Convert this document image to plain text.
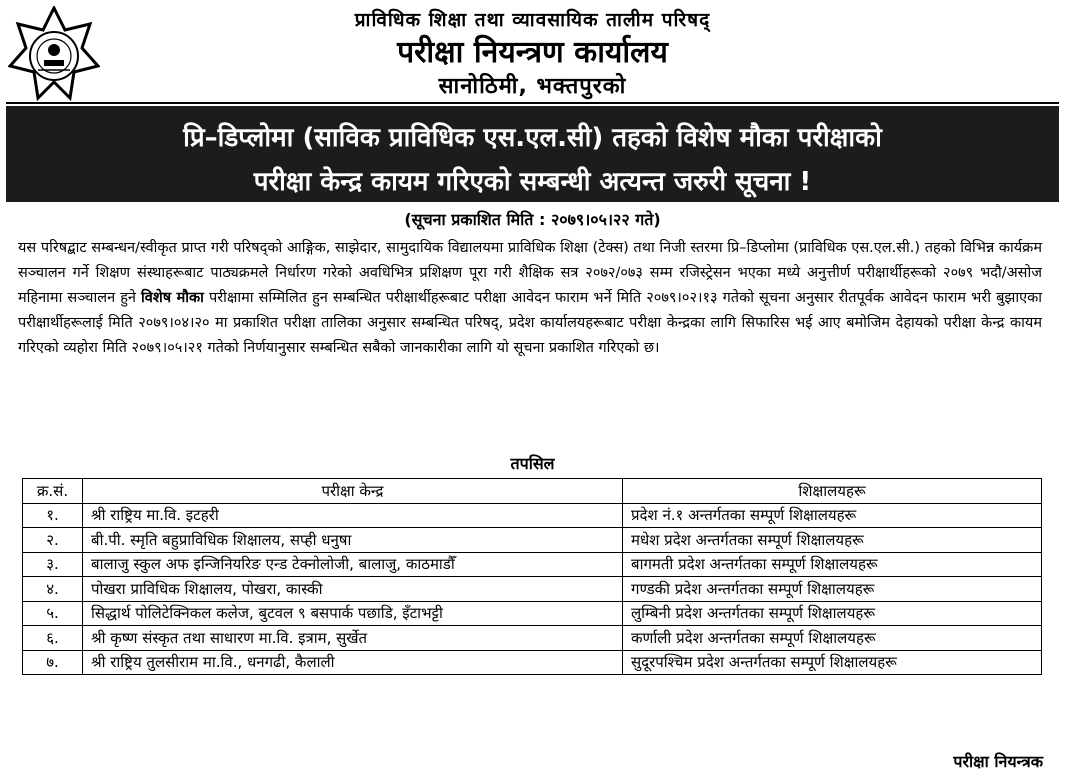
प्राविधिक शिक्षा तथा व्यावसायिक तालीम परिषद्
परीक्षा नियन्त्रण कार्यालय
सानोठिमी, भक्तपुरको
प्रि–डिप्लोमा (साविक प्राविधिक एस.एल.सी) तहको विशेष मौका परीक्षाको
परीक्षा केन्द्र कायम गरिएको सम्बन्धी अत्यन्त जरुरी सूचना !
(सूचना प्रकाशित मिति : २०७९।०५।२२ गते)
यस परिषद्बाट सम्बन्धन/स्वीकृत प्राप्त गरी परिषद्को आङ्गिक, साझेदार, सामुदायिक विद्यालयमा प्राविधिक शिक्षा (टेक्स) तथा निजी स्तरमा प्रि–डिप्लोमा (प्राविधिक एस.एल.सी.) तहको विभिन्न कार्यक्रम सञ्चालन गर्ने शिक्षण संस्थाहरूबाट पाठ्यक्रमले निर्धारण गरेको अवधिभित्र प्रशिक्षण पूरा गरी शैक्षिक सत्र २०७२/०७३ सम्म रजिस्ट्रेसन भएका मध्ये अनुत्तीर्ण परीक्षार्थीहरूको २०७९ भदौ/असोज महिनामा सञ्चालन हुने विशेष मौका परीक्षामा सम्मिलित हुन सम्बन्धित परीक्षार्थीहरूबाट परीक्षा आवेदन फाराम भर्ने मिति २०७९।०२।१३ गतेको सूचना अनुसार रीतपूर्वक आवेदन फाराम भरी बुझाएका परीक्षार्थीहरूलाई मिति २०७९।०४।२० मा प्रकाशित परीक्षा तालिका अनुसार सम्बन्धित परिषद्, प्रदेश कार्यालयहरूबाट परीक्षा केन्द्रका लागि सिफारिस भई आए बमोजिम देहायको परीक्षा केन्द्र कायम गरिएको व्यहोरा मिति २०७९।०५।२१ गतेको निर्णयानुसार सम्बन्धित सबैको जानकारीका लागि यो सूचना प्रकाशित गरिएको छ।
तपसिल
क्र.सं.	परीक्षा केन्द्र	शिक्षालयहरू
१.	श्री राष्ट्रिय मा.वि. इटहरी	प्रदेश नं.१ अन्तर्गतका सम्पूर्ण शिक्षालयहरू
२.	बी.पी. स्मृति बहुप्राविधिक शिक्षालय, सप्ही धनुषा	मधेश प्रदेश अन्तर्गतका सम्पूर्ण शिक्षालयहरू
३.	बालाजु स्कुल अफ इन्जिनियरिङ एन्ड टेक्नोलोजी, बालाजु, काठमाडौँ	बागमती प्रदेश अन्तर्गतका सम्पूर्ण शिक्षालयहरू
४.	पोखरा प्राविधिक शिक्षालय, पोखरा, कास्की	गण्डकी प्रदेश अन्तर्गतका सम्पूर्ण शिक्षालयहरू
५.	सिद्धार्थ पोलिटेक्निकल कलेज, बुटवल ९ बसपार्क पछाडि, इँटाभट्टी	लुम्बिनी प्रदेश अन्तर्गतका सम्पूर्ण शिक्षालयहरू
६.	श्री कृष्ण संस्कृत तथा साधारण मा.वि. इत्राम, सुर्खेत	कर्णाली प्रदेश अन्तर्गतका सम्पूर्ण शिक्षालयहरू
७.	श्री राष्ट्रिय तुलसीराम मा.वि., धनगढी, कैलाली	सुदूरपश्चिम प्रदेश अन्तर्गतका सम्पूर्ण शिक्षालयहरू
परीक्षा नियन्त्रक
